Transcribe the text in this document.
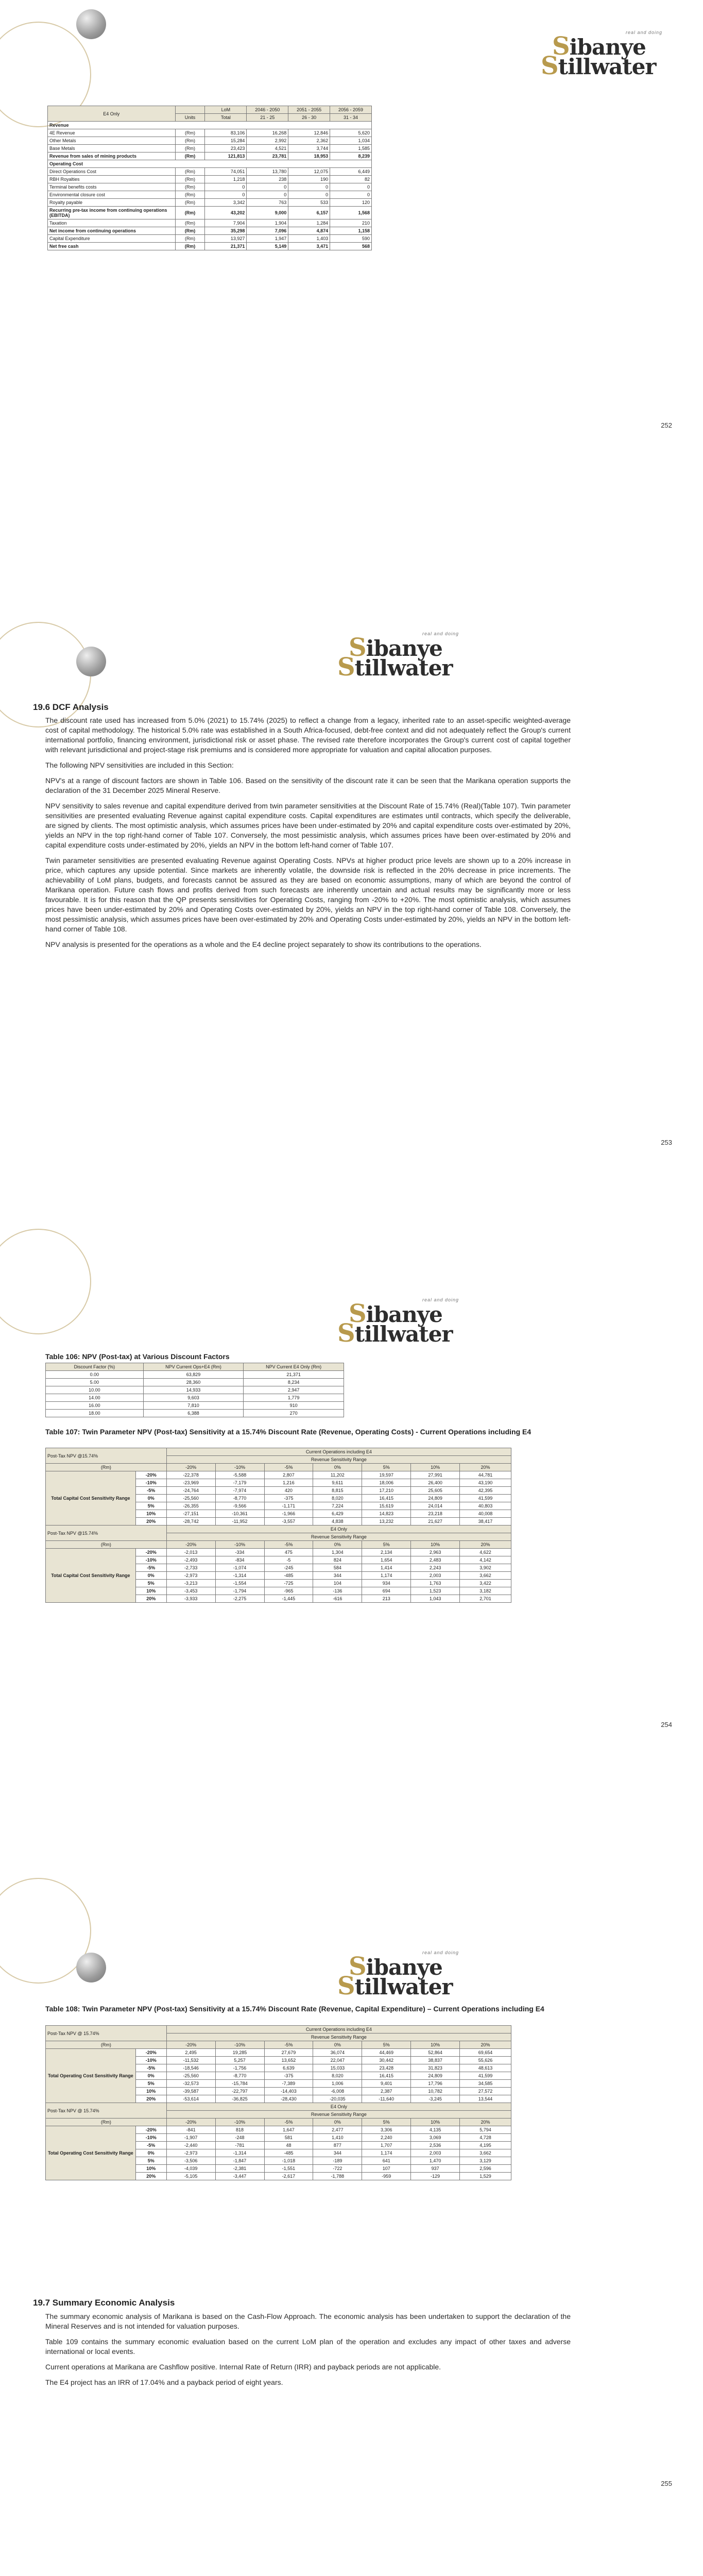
real and doing
Sibanye
Stillwater
E4 Only		LoM	2046 - 2050	2051 - 2055	2056 - 2059
	Units	Total	21 - 25	26 - 30	31 - 34
Revenue					
4E Revenue	(Rm)	83,106	16,268	12,846	5,620
Other Metals	(Rm)	15,284	2,992	2,362	1,034
Base Metals	(Rm)	23,423	4,521	3,744	1,585
Revenue from sales of mining products	(Rm)	121,813	23,781	18,953	8,239
Operating Cost					
Direct Operations Cost	(Rm)	74,051	13,780	12,075	6,449
RBH Royalties	(Rm)	1,218	238	190	82
Terminal benefits costs	(Rm)	0	0	0	0
Environmental closure cost	(Rm)	0	0	0	0
Royalty payable	(Rm)	3,342	763	533	120
Recurring pre-tax income from continuing operations (EBITDA)	(Rm)	43,202	9,000	6,157	1,568
Taxation	(Rm)	7,904	1,904	1,284	210
Net income from continuing operations	(Rm)	35,298	7,096	4,874	1,158
Capital Expenditure	(Rm)	13,927	1,947	1,403	590
Net free cash	(Rm)	21,371	5,149	3,471	568
252
real and doing
Sibanye
Stillwater
19.6 DCF Analysis

The discount rate used has increased from 5.0% (2021) to 15.74% (2025) to reflect a change from a legacy, inherited rate to an asset-specific weighted-average cost of capital methodology. The historical 5.0% rate was established in a South Africa-focused, debt-free context and did not adequately reflect the Group's current international portfolio, financing environment, jurisdictional risk or asset phase. The revised rate therefore incorporates the Group's current cost of capital together with relevant jurisdictional and project-stage risk premiums and is considered more appropriate for valuation and capital allocation purposes.

The following NPV sensitivities are included in this Section:

NPV's at a range of discount factors are shown in Table 106. Based on the sensitivity of the discount rate it can be seen that the Marikana operation supports the declaration of the 31 December 2025 Mineral Reserve.

NPV sensitivity to sales revenue and capital expenditure derived from twin parameter sensitivities at the Discount Rate of 15.74% (Real)(Table 107). Twin parameter sensitivities are presented evaluating Revenue against capital expenditure costs. Capital expenditures are estimates until contracts, which specify the deliverable, are signed by clients. The most optimistic analysis, which assumes prices have been under-estimated by 20% and capital expenditure costs over-estimated by 20%, yields an NPV in the top right-hand corner of Table 107. Conversely, the most pessimistic analysis, which assumes prices have been over-estimated by 20% and capital expenditure costs under-estimated by 20%, yields an NPV in the bottom left-hand corner of Table 107.

Twin parameter sensitivities are presented evaluating Revenue against Operating Costs. NPVs at higher product price levels are shown up to a 20% increase in price, which captures any upside potential. Since markets are inherently volatile, the downside risk is reflected in the 20% decrease in price increments. The achievability of LoM plans, budgets, and forecasts cannot be assured as they are based on economic assumptions, many of which are beyond the control of Marikana operation. Future cash flows and profits derived from such forecasts are inherently uncertain and actual results may be significantly more or less favourable. It is for this reason that the QP presents sensitivities for Operating Costs, ranging from -20% to +20%. The most optimistic analysis, which assumes prices have been under-estimated by 20% and Operating Costs over-estimated by 20%, yields an NPV in the top right-hand corner of Table 108. Conversely, the most pessimistic analysis, which assumes prices have been over-estimated by 20% and Operating Costs under-estimated by 20%, yields an NPV in the bottom left-hand corner of Table 108.

NPV analysis is presented for the operations as a whole and the E4 decline project separately to show its contributions to the operations.

253
real and doing
Sibanye
Stillwater
Table 106: NPV (Post-tax) at Various Discount Factors
Discount Factor (%)	NPV Current Ops+E4 (Rm)	NPV Current E4 Only (Rm)
0.00	63,829	21,371
5.00	28,360	8,234
10.00	14,933	2,947
14.00	9,603	1,779
16.00	7,810	910
18.00	6,388	270
Table 107: Twin Parameter NPV (Post-tax) Sensitivity at a 15.74% Discount Rate (Revenue, Operating Costs) - Current Operations including E4
Post-Tax NPV @15.74%		Current Operations including E4						
		Revenue Sensitivity Range						
(Rm)		-20%	-10%	-5%	0%	5%	10%	20%
Total Capital Cost Sensitivity Range	-20%	-22,378	-5,588	2,807	11,202	19,597	27,991	44,781
	-10%	-23,969	-7,179	1,216	9,611	18,006	26,400	43,190
	-5%	-24,764	-7,974	420	8,815	17,210	25,605	42,395
	0%	-25,560	-8,770	-375	8,020	16,415	24,809	41,599
	5%	-26,355	-9,566	-1,171	7,224	15,619	24,014	40,803
	10%	-27,151	-10,361	-1,966	6,429	14,823	23,218	40,008
	20%	-28,742	-11,952	-3,557	4,838	13,232	21,627	38,417
Post-Tax NPV @15.74%		E4 Only						
		Revenue Sensitivity Range						
(Rm)		-20%	-10%	-5%	0%	5%	10%	20%
Total Capital Cost Sensitivity Range	-20%	-2,013	-334	475	1,304	2,134	2,963	4,622
	-10%	-2,493	-834	-5	824	1,654	2,483	4,142
	-5%	-2,733	-1,074	-245	584	1,414	2,243	3,902
	0%	-2,973	-1,314	-485	344	1,174	2,003	3,662
	5%	-3,213	-1,554	-725	104	934	1,763	3,422
	10%	-3,453	-1,794	-965	-136	694	1,523	3,182
	20%	-3,933	-2,275	-1,445	-616	213	1,043	2,701
254
real and doing
Sibanye
Stillwater
Table 108: Twin Parameter NPV (Post-tax) Sensitivity at a 15.74% Discount Rate (Revenue, Capital Expenditure) – Current Operations including E4
Post-Tax NPV @ 15.74%		Current Operations including E4						
		Revenue Sensitivity Range						
(Rm)		-20%	-10%	-5%	0%	5%	10%	20%
Total Operating Cost Sensitivity Range	-20%	2,495	19,285	27,679	36,074	44,469	52,864	69,654
	-10%	-11,532	5,257	13,652	22,047	30,442	38,837	55,626
	-5%	-18,546	-1,756	6,639	15,033	23,428	31,823	48,613
	0%	-25,560	-8,770	-375	8,020	16,415	24,809	41,599
	5%	-32,573	-15,784	-7,389	1,006	9,401	17,796	34,585
	10%	-39,587	-22,797	-14,403	-6,008	2,387	10,782	27,572
	20%	-53,614	-36,825	-28,430	-20,035	-11,640	-3,245	13,544
Post-Tax NPV @ 15.74%		E4 Only						
		Revenue Sensitivity Range						
(Rm)		-20%	-10%	-5%	0%	5%	10%	20%
Total Operating Cost Sensitivity Range	-20%	-841	818	1,647	2,477	3,306	4,135	5,794
	-10%	-1,907	-248	581	1,410	2,240	3,069	4,728
	-5%	-2,440	-781	48	877	1,707	2,536	4,195
	0%	-2,973	-1,314	-485	344	1,174	2,003	3,662
	5%	-3,506	-1,847	-1,018	-189	641	1,470	3,129
	10%	-4,039	-2,381	-1,551	-722	107	937	2,596
	20%	-5,105	-3,447	-2,617	-1,788	-959	-129	1,529
19.7 Summary Economic Analysis

The summary economic analysis of Marikana is based on the Cash-Flow Approach. The economic analysis has been undertaken to support the declaration of the Mineral Reserves and is not intended for valuation purposes.

Table 109 contains the summary economic evaluation based on the current LoM plan of the operation and excludes any impact of other taxes and adverse international or local events.

Current operations at Marikana are Cashflow positive. Internal Rate of Return (IRR) and payback periods are not applicable.

The E4 project has an IRR of 17.04% and a payback period of eight years.

255
